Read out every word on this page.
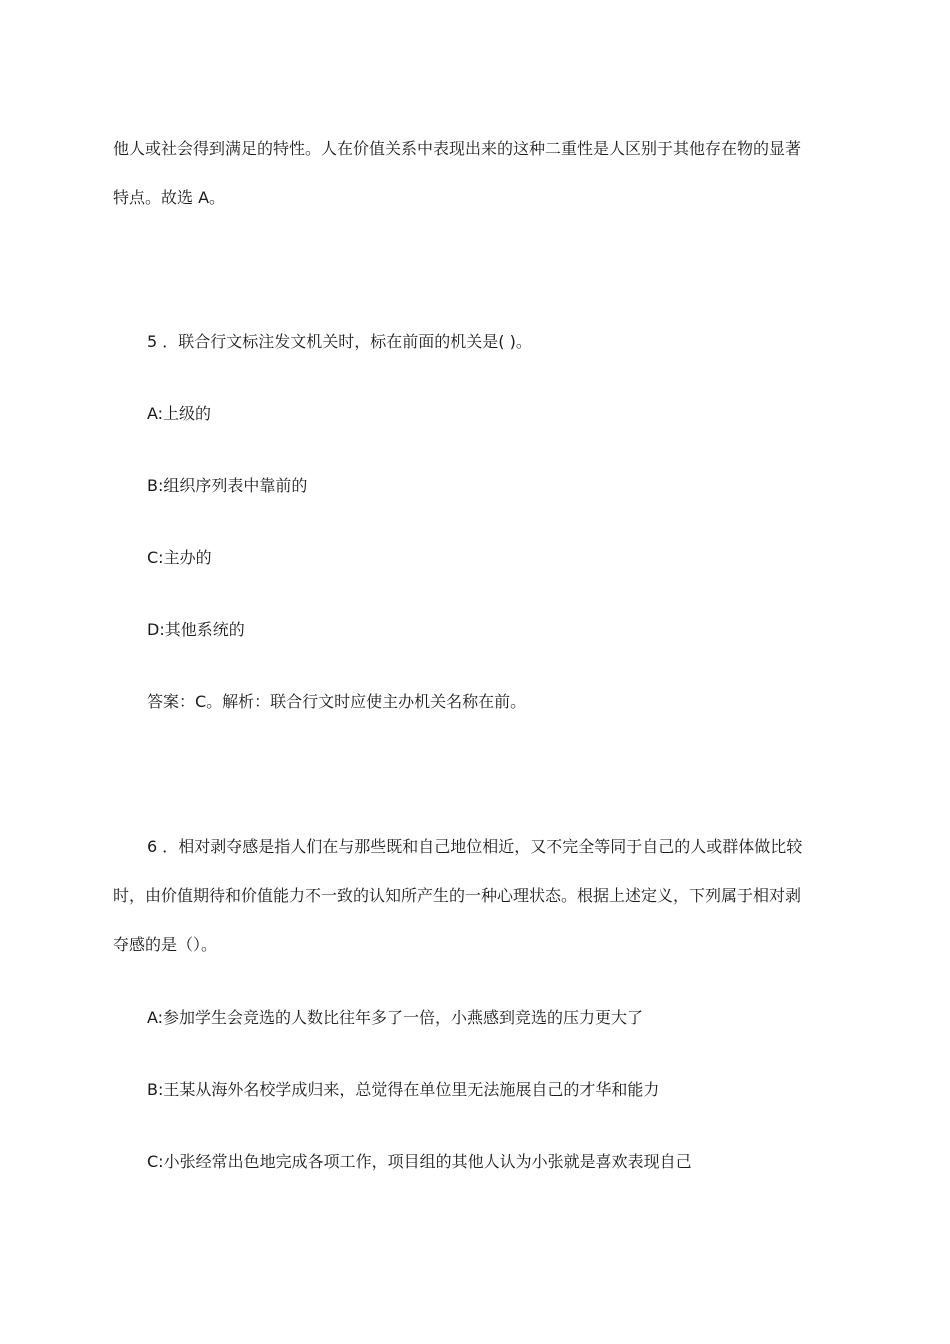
他人或社会得到满足的特性。人在价值关系中表现出来的这种二重性是人区别于其他存在物的显著

特点。故选 A。

5 ．联合行文标注发文机关时，标在前面的机关是( )。

A:上级的

B:组织序列表中靠前的

C:主办的

D:其他系统的

答案：C。解析：联合行文时应使主办机关名称在前。

6 ．相对剥夺感是指人们在与那些既和自己地位相近，又不完全等同于自己的人或群体做比较

时，由价值期待和价值能力不一致的认知所产生的一种心理状态。根据上述定义，下列属于相对剥

夺感的是（）。

A:参加学生会竞选的人数比往年多了一倍，小燕感到竞选的压力更大了

B:王某从海外名校学成归来，总觉得在单位里无法施展自己的才华和能力

C:小张经常出色地完成各项工作，项目组的其他人认为小张就是喜欢表现自己
